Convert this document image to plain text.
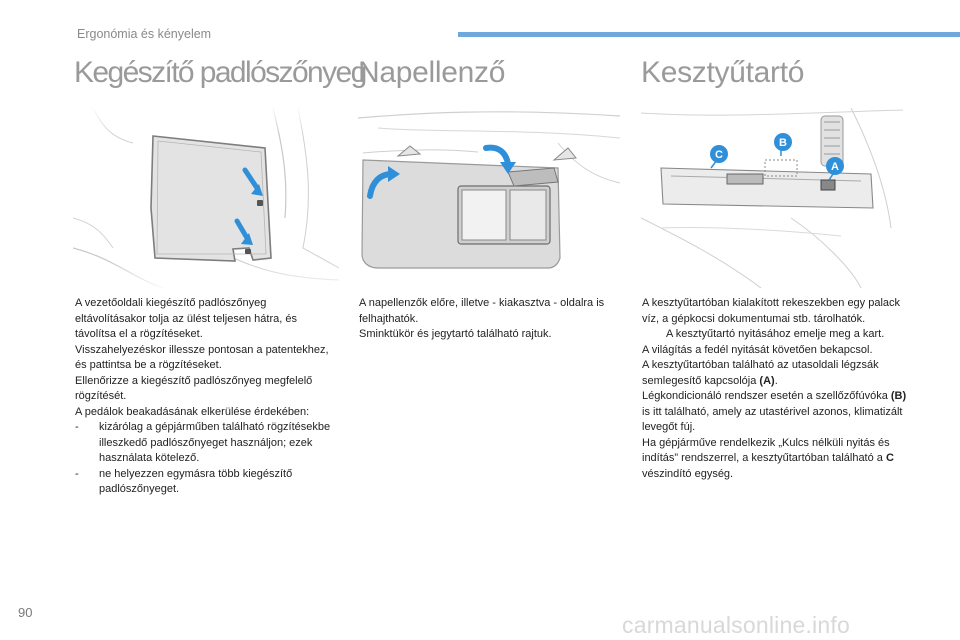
Ergonómia és kényelem
Kegészítő padlószőnyeg
Napellenző	Kesztyűtartó
C
B
A

A vezetőoldali kiegészítő padlószőnyeg eltávolításakor tolja az ülést teljesen hátra, és távolítsa el a rögzítéseket.

Visszahelyezéskor illessze pontosan a patentekhez, és pattintsa be a rögzítéseket.

Ellenőrizze a kiegészítő padlószőnyeg megfelelő rögzítését.

A pedálok beakadásának elkerülése érdekében:

- kizárólag a gépjárműben található rögzítésekbe illeszkedő padlószőnyeget használjon; ezek használata kötelező.

- ne helyezzen egymásra több kiegészítő padlószőnyeget.

A napellenzők előre, illetve - kiakasztva - oldalra is felhajthatók.

Sminktükör és jegytartó található rajtuk.

A kesztyűtartóban kialakított rekeszekben egy palack víz, a gépkocsi dokumentumai stb. tárolhatók.

A kesztyűtartó nyitásához emelje meg a kart.

A világítás a fedél nyitását követően bekapcsol.

A kesztyűtartóban található az utasoldali légzsák semlegesítő kapcsolója (A).

Légkondicionáló rendszer esetén a szellőzőfúvóka (B) is itt található, amely az utastérivel azonos, klimatizált levegőt fúj.

Ha gépjárműve rendelkezik „Kulcs nélküli nyitás és indítás” rendszerrel, a kesztyűtartóban található a C vészindító egység.

90	carmanualsonline.info
